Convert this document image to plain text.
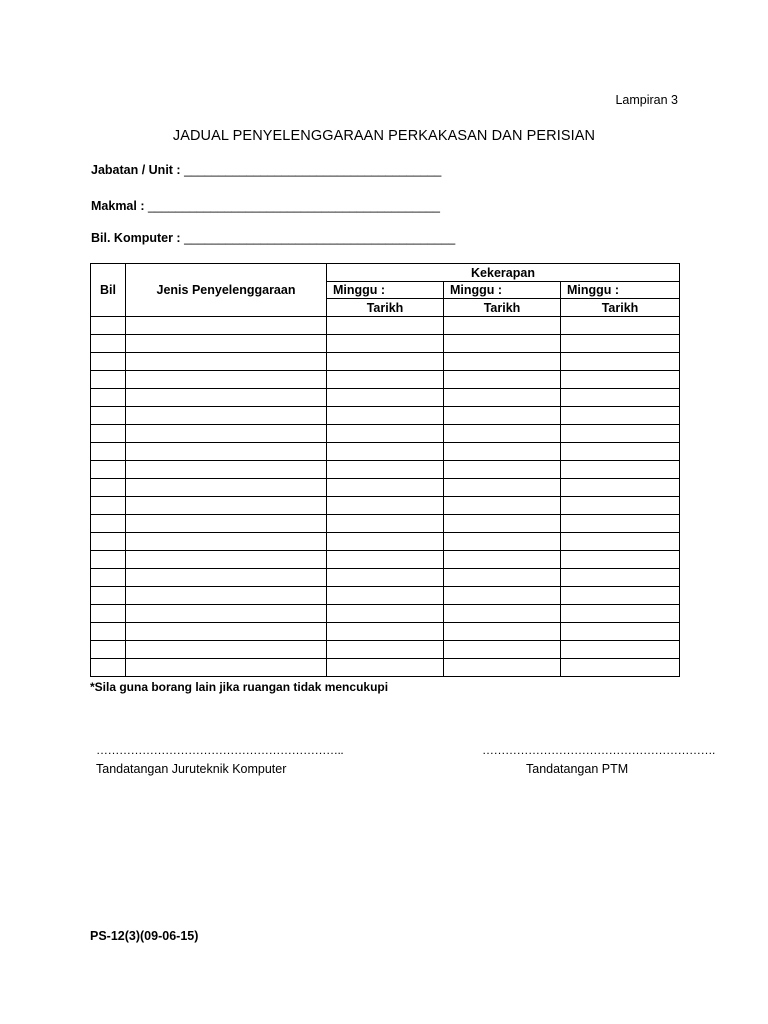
Lampiran 3
JADUAL PENYELENGGARAAN PERKAKASAN DAN PERISIAN
Jabatan / Unit : _____________________________________
Makmal : __________________________________________
Bil. Komputer : _______________________________________
Bil	Jenis Penyelenggaraan	Kekerapan		
		Minggu :	Minggu :	Minggu :
		Tarikh	Tarikh	Tarikh

*Sila guna borang lain jika ruangan tidak mencukupi
………………………………………………………..	…………………………………………………….
Tandatangan Juruteknik Komputer	Tandatangan PTM
PS-12(3)(09-06-15)
